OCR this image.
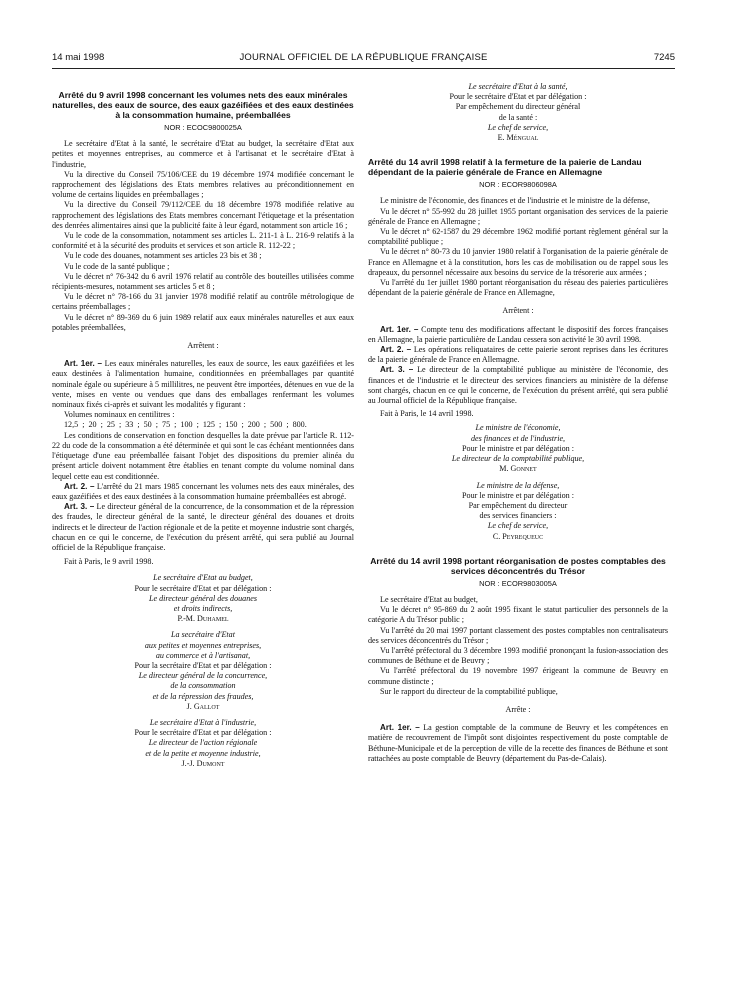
14 mai 1998	JOURNAL OFFICIEL DE LA RÉPUBLIQUE FRANÇAISE	7245
Arrêté du 9 avril 1998 concernant les volumes nets des eaux minérales naturelles, des eaux de source, des eaux gazéifiées et des eaux destinées à la consommation humaine, préemballées
NOR : ECOC9800025A

Le secrétaire d'Etat à la santé, le secrétaire d'Etat au budget, la secrétaire d'Etat aux petites et moyennes entreprises, au commerce et à l'artisanat et le secrétaire d'Etat à l'industrie,

Vu la directive du Conseil 75/106/CEE du 19 décembre 1974 modifiée concernant le rapprochement des législations des Etats membres relatives au préconditionnement en volume de certains liquides en préemballages ;

Vu la directive du Conseil 79/112/CEE du 18 décembre 1978 modifiée relative au rapprochement des législations des Etats membres concernant l'étiquetage et la présentation des denrées alimentaires ainsi que la publicité faite à leur égard, notamment son article 16 ;

Vu le code de la consommation, notamment ses articles L. 211-1 à L. 216-9 relatifs à la conformité et à la sécurité des produits et services et son article R. 112-22 ;

Vu le code des douanes, notamment ses articles 23 bis et 38 ;

Vu le code de la santé publique ;

Vu le décret n° 76-342 du 6 avril 1976 relatif au contrôle des bouteilles utilisées comme récipients-mesures, notamment ses articles 5 et 8 ;

Vu le décret n° 78-166 du 31 janvier 1978 modifié relatif au contrôle métrologique de certains préemballages ;

Vu le décret n° 89-369 du 6 juin 1989 relatif aux eaux minérales naturelles et aux eaux potables préemballées,

Arrêtent :

Art. 1er. – Les eaux minérales naturelles, les eaux de source, les eaux gazéifiées et les eaux destinées à l'alimentation humaine, conditionnées en préemballages par quantité nominale égale ou supérieure à 5 millilitres, ne peuvent être importées, détenues en vue de la vente, mises en vente ou vendues que dans des emballages renfermant les volumes nominaux fixés ci-après et suivant les modalités y figurant :

Volumes nominaux en centilitres :

12,5 ; 20 ; 25 ; 33 ; 50 ; 75 ; 100 ; 125 ; 150 ; 200 ; 500 ; 800.

Les conditions de conservation en fonction desquelles la date prévue par l'article R. 112-22 du code de la consommation a été déterminée et qui sont le cas échéant mentionnées dans l'étiquetage d'une eau préemballée faisant l'objet des dispositions du premier alinéa du présent article doivent notamment être établies en tenant compte du volume nominal dans lequel cette eau est conditionnée.

Art. 2. – L'arrêté du 21 mars 1985 concernant les volumes nets des eaux minérales, des eaux gazéifiées et des eaux destinées à la consommation humaine préemballées est abrogé.

Art. 3. – Le directeur général de la concurrence, de la consommation et de la répression des fraudes, le directeur général de la santé, le directeur général des douanes et droits indirects et le directeur de l'action régionale et de la petite et moyenne industrie sont chargés, chacun en ce qui le concerne, de l'exécution du présent arrêté, qui sera publié au Journal officiel de la République française.

Fait à Paris, le 9 avril 1998.

Le secrétaire d'Etat au budget,
Pour le secrétaire d'Etat et par délégation :
Le directeur général des douanes
et droits indirects,
P.-M. Duhamel
La secrétaire d'Etat
aux petites et moyennes entreprises,
au commerce et à l'artisanat,
Pour la secrétaire d'Etat et par délégation :
Le directeur général de la concurrence,
de la consommation
et de la répression des fraudes,
J. Gallot
Le secrétaire d'Etat à l'industrie,
Pour le secrétaire d'Etat et par délégation :
Le directeur de l'action régionale
et de la petite et moyenne industrie,
J.-J. Dumont
Le secrétaire d'Etat à la santé,
Pour le secrétaire d'Etat et par délégation :
Par empêchement du directeur général
de la santé :
Le chef de service,
E. Méngual
Arrêté du 14 avril 1998 relatif à la fermeture de la paierie de Landau dépendant de la paierie générale de France en Allemagne
NOR : ECOR9806098A

Le ministre de l'économie, des finances et de l'industrie et le ministre de la défense,

Vu le décret n° 55-992 du 28 juillet 1955 portant organisation des services de la paierie générale de France en Allemagne ;

Vu le décret n° 62-1587 du 29 décembre 1962 modifié portant règlement général sur la comptabilité publique ;

Vu le décret n° 80-73 du 10 janvier 1980 relatif à l'organisation de la paierie générale de France en Allemagne et à la constitution, hors les cas de mobilisation ou de rappel sous les drapeaux, du personnel nécessaire aux besoins du service de la trésorerie aux armées ;

Vu l'arrêté du 1er juillet 1980 portant réorganisation du réseau des paieries particulières dépendant de la paierie générale de France en Allemagne,

Arrêtent :

Art. 1er. – Compte tenu des modifications affectant le dispositif des forces françaises en Allemagne, la paierie particulière de Landau cessera son activité le 30 avril 1998.

Art. 2. – Les opérations reliquataires de cette paierie seront reprises dans les écritures de la paierie générale de France en Allemagne.

Art. 3. – Le directeur de la comptabilité publique au ministère de l'économie, des finances et de l'industrie et le directeur des services financiers au ministère de la défense sont chargés, chacun en ce qui le concerne, de l'exécution du présent arrêté, qui sera publié au Journal officiel de la République française.

Fait à Paris, le 14 avril 1998.

Le ministre de l'économie,
des finances et de l'industrie,
Pour le ministre et par délégation :
Le directeur de la comptabilité publique,
M. Gonnet
Le ministre de la défense,
Pour le ministre et par délégation :
Par empêchement du directeur
des services financiers :
Le chef de service,
C. Peyrequeuc
Arrêté du 14 avril 1998 portant réorganisation de postes comptables des services déconcentrés du Trésor
NOR : ECOR9803005A

Le secrétaire d'Etat au budget,

Vu le décret n° 95-869 du 2 août 1995 fixant le statut particulier des personnels de la catégorie A du Trésor public ;

Vu l'arrêté du 20 mai 1997 portant classement des postes comptables non centralisateurs des services déconcentrés du Trésor ;

Vu l'arrêté préfectoral du 3 décembre 1993 modifié prononçant la fusion-association des communes de Béthune et de Beuvry ;

Vu l'arrêté préfectoral du 19 novembre 1997 érigeant la commune de Beuvry en commune distincte ;

Sur le rapport du directeur de la comptabilité publique,

Arrête :

Art. 1er. – La gestion comptable de la commune de Beuvry et les compétences en matière de recouvrement de l'impôt sont disjointes respectivement du poste comptable de Béthune-Municipale et de la perception de ville de la recette des finances de Béthune et sont rattachées au poste comptable de Beuvry (département du Pas-de-Calais).
